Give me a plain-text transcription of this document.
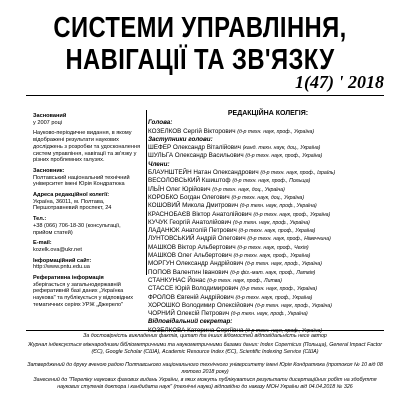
СИСТЕМИ УПРАВЛІННЯ,
НАВІГАЦІЇ ТА ЗВ'ЯЗКУ
1(47) ' 2018
Заснований
у 2007 році
Науково-періодичне видання, в якому відображені результати наукових досліджень з розробки та удосконалення систем управління, навігації та зв'язку у різних проблемних галузях.
Засновник:
Полтавський національний технічний університет імені Юрія Кондратюка
Адреса редакційної колегії:
Україна, 36011, м. Полтава, Першотравневий проспект, 24
Тел.:
+38 (066) 706-18-30 (консультації, прийом статей)
E-mail:
kozelk.ova@ukr.net
Інформаційний сайт:
http://www.pntu.edu.ua
Реферативна інформація
зберігається у загальнодержавній реферативній базі даних „Українка наукова" та публікується у відповідних тематичних серіях УРЖ „Джерело"
РЕДАКЦІЙНА КОЛЕГІЯ:
Голова:
КОЗЕЛКОВ Сергій Вікторович (д-р техн. наук, проф., Україна)
Заступники голови:
ШЕФЕР Олександр Віталійович (канд. техн. наук, доц., Україна)
ШУЛЬГА Олександр Васильович (д-р техн. наук, проф., Україна)
Члени:
БЛАУНШТЕЙН Натан Олександрович (д-р техн. наук, проф., Ізраїль)
ВЕСОЛОВСЬКИЙ Кшиштоф (д-р техн. наук, проф., Польща)
ІЛЬЇН Олег Юрійович (д-р техн. наук, доц., Україна)
КОРОБКО Богдан Олегович (д-р техн. наук, доц., Україна)
КОШОВИЙ Микола Дмитрович (д-р техн. наук, проф., Україна)
КРАСНОБАЄВ Віктор Анатолійович (д-р техн. наук, проф., Україна)
КУЧУК Георгій Анатолійович (д-р техн. наук, проф., Україна)
ЛАДАНЮК Анатолій Петрович (д-р техн. наук, проф., Україна)
ЛУНТОВСЬКИЙ Андрій Олегович (д-р техн. наук, проф., Німеччина)
МАШКОВ Віктор Альбертович (д-р техн. наук, проф., Чехія)
МАШКОВ Олег Альбертович (д-р техн. наук, проф., Україна)
МОРГУН Олександр Андрійович (д-р техн. наук, проф., Україна)
ПОПОВ Валентин Іванович (д-р фіз.-мат. наук, проф., Латвія)
СТАНКУНАС Йонас (д-р техн. наук, проф., Литва)
СТАССЕ Юрій Володимирович (д-р техн. наук, проф., Україна)
ФРОЛОВ Євгеній Андрійович (д-р техн. наук, проф., Україна)
ХОРОШКО Володимир Олексійович (д-р техн. наук, проф., Україна)
ЧОРНИЙ Олексій Петрович (д-р техн. наук, проф., Україна)
Відповідальний секретар:
За достовірність викладених фактів, цитат та інших відомостей відповідальність несе автор
Журнал індексується міжнародними бібліометричними та наукометричними базами даних: Index Copernicus (Польща), General Impact Factor (ЄС), Google Scholar (США), Academic Resource Index (ЄС), Scientific Indexing Service (США)
Затверджений до друку вченою радою Полтавського національного технічного університету імені Юрія Кондратюка (протокол № 10 від 08 лютого 2018 року)
Занесений до "Переліку наукових фахових видань України, в яких можуть публікуватися результати дисертаційних робіт на здобуття наукових ступенів доктора і кандидата наук" (технічні науки) відповідно до наказу МОН України від 04.04.2018 № 326
